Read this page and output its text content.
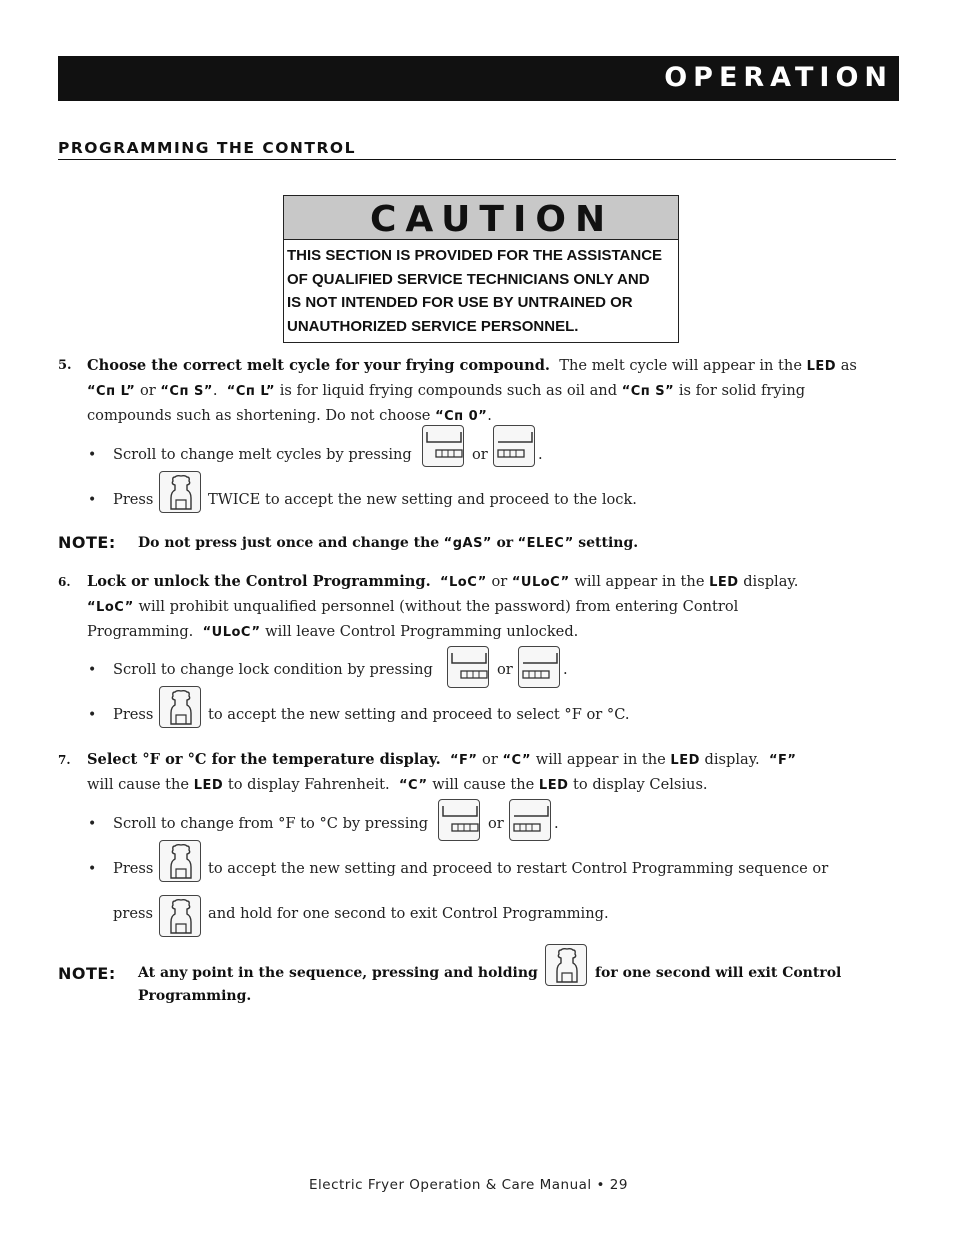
OPERATION
PROGRAMMING THE CONTROL
CAUTION
THIS SECTION IS PROVIDED FOR THE ASSISTANCE
OF QUALIFIED SERVICE TECHNICIANS ONLY AND
IS NOT INTENDED FOR USE BY UNTRAINED OR
UNAUTHORIZED SERVICE PERSONNEL.
5. Choose the correct melt cycle for your frying compound. The melt cycle will appear in the LED as
“Cп L” or “Cп S”. “Cп L” is for liquid frying compounds such as oil and “Cп S” is for solid frying
compounds such as shortening. Do not choose “Cп 0”.
• Scroll to change melt cycles by pressing	or	.
• Press	TWICE to accept the new setting and proceed to the lock.
NOTE: Do not press just once and change the “gAS” or “ELEC” setting.
6. Lock or unlock the Control Programming. “LoC” or “ULoC” will appear in the LED display.
“LoC” will prohibit unqualified personnel (without the password) from entering Control
Programming. “ULoC” will leave Control Programming unlocked.
• Scroll to change lock condition by pressing	or	.
• Press	to accept the new setting and proceed to select °F or °C.
7. Select °F or °C for the temperature display. “F” or “C” will appear in the LED display. “F”
will cause the LED to display Fahrenheit. “C” will cause the LED to display Celsius.
• Scroll to change from °F to °C by pressing	or	.
• Press	to accept the new setting and proceed to restart Control Programming sequence or
press	and hold for one second to exit Control Programming.
NOTE: At any point in the sequence, pressing and holding	for one second will exit Control
Programming.
Electric Fryer Operation & Care Manual • 29
